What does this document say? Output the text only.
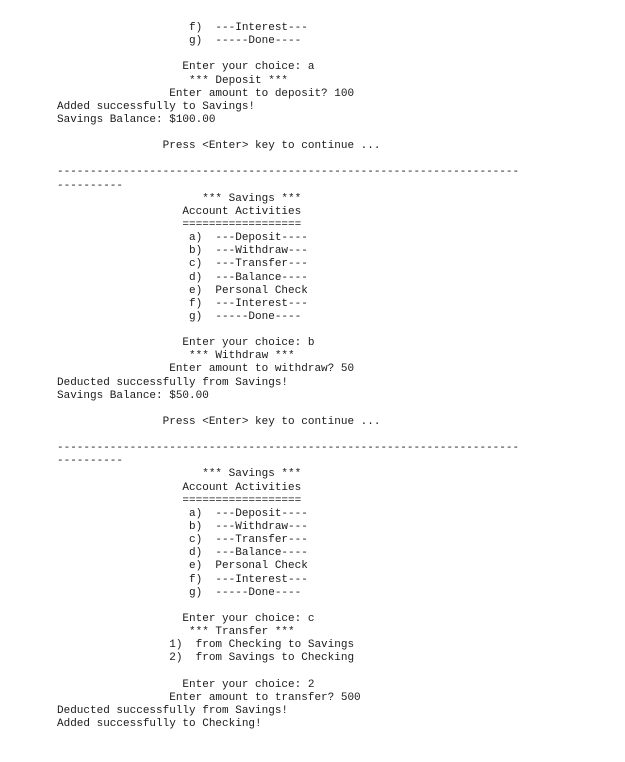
f)  ---Interest---
g)  -----Done----
Enter your choice: a
*** Deposit ***
Enter amount to deposit? 100
Added successfully to Savings!
Savings Balance: $100.00
Press <Enter> key to continue ...
----------------------------------------------------------------------
----------
*** Savings ***
Account Activities
==================
a)  ---Deposit----
b)  ---Withdraw---
c)  ---Transfer---
d)  ---Balance----
e)  Personal Check
f)  ---Interest---
g)  -----Done----
Enter your choice: b
*** Withdraw ***
Enter amount to withdraw? 50
Deducted successfully from Savings!
Savings Balance: $50.00
Press <Enter> key to continue ...
----------------------------------------------------------------------
----------
*** Savings ***
Account Activities
==================
a)  ---Deposit----
b)  ---Withdraw---
c)  ---Transfer---
d)  ---Balance----
e)  Personal Check
f)  ---Interest---
g)  -----Done----
Enter your choice: c
*** Transfer ***
1)  from Checking to Savings
2)  from Savings to Checking
Enter your choice: 2
Enter amount to transfer? 500
Deducted successfully from Savings!
Added successfully to Checking!
